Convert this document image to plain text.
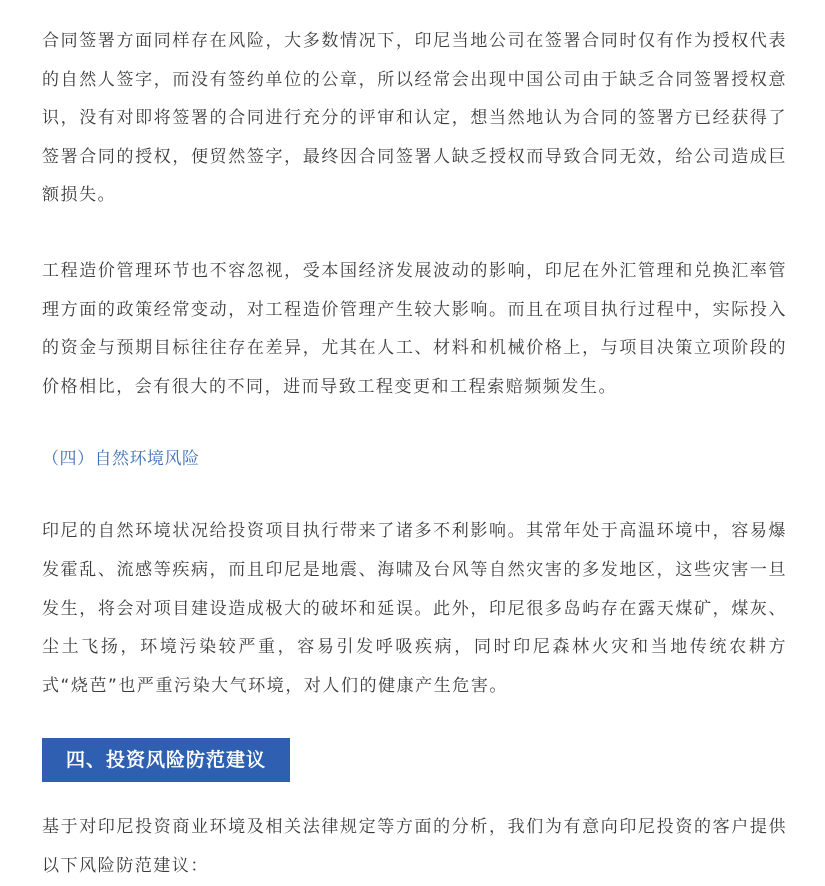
合同签署方面同样存在风险，大多数情况下，印尼当地公司在签署合同时仅有作为授权代表的自然人签字，而没有签约单位的公章，所以经常会出现中国公司由于缺乏合同签署授权意识，没有对即将签署的合同进行充分的评审和认定，想当然地认为合同的签署方已经获得了签署合同的授权，便贸然签字，最终因合同签署人缺乏授权而导致合同无效，给公司造成巨额损失。

工程造价管理环节也不容忽视，受本国经济发展波动的影响，印尼在外汇管理和兑换汇率管理方面的政策经常变动，对工程造价管理产生较大影响。而且在项目执行过程中，实际投入的资金与预期目标往往存在差异，尤其在人工、材料和机械价格上，与项目决策立项阶段的价格相比，会有很大的不同，进而导致工程变更和工程索赔频频发生。

（四）自然环境风险

印尼的自然环境状况给投资项目执行带来了诸多不利影响。其常年处于高温环境中，容易爆发霍乱、流感等疾病，而且印尼是地震、海啸及台风等自然灾害的多发地区，这些灾害一旦发生，将会对项目建设造成极大的破坏和延误。此外，印尼很多岛屿存在露天煤矿，煤灰、尘土飞扬，环境污染较严重，容易引发呼吸疾病，同时印尼森林火灾和当地传统农耕方式“烧芭”也严重污染大气环境，对人们的健康产生危害。

四、投资风险防范建议

基于对印尼投资商业环境及相关法律规定等方面的分析，我们为有意向印尼投资的客户提供以下风险防范建议：
